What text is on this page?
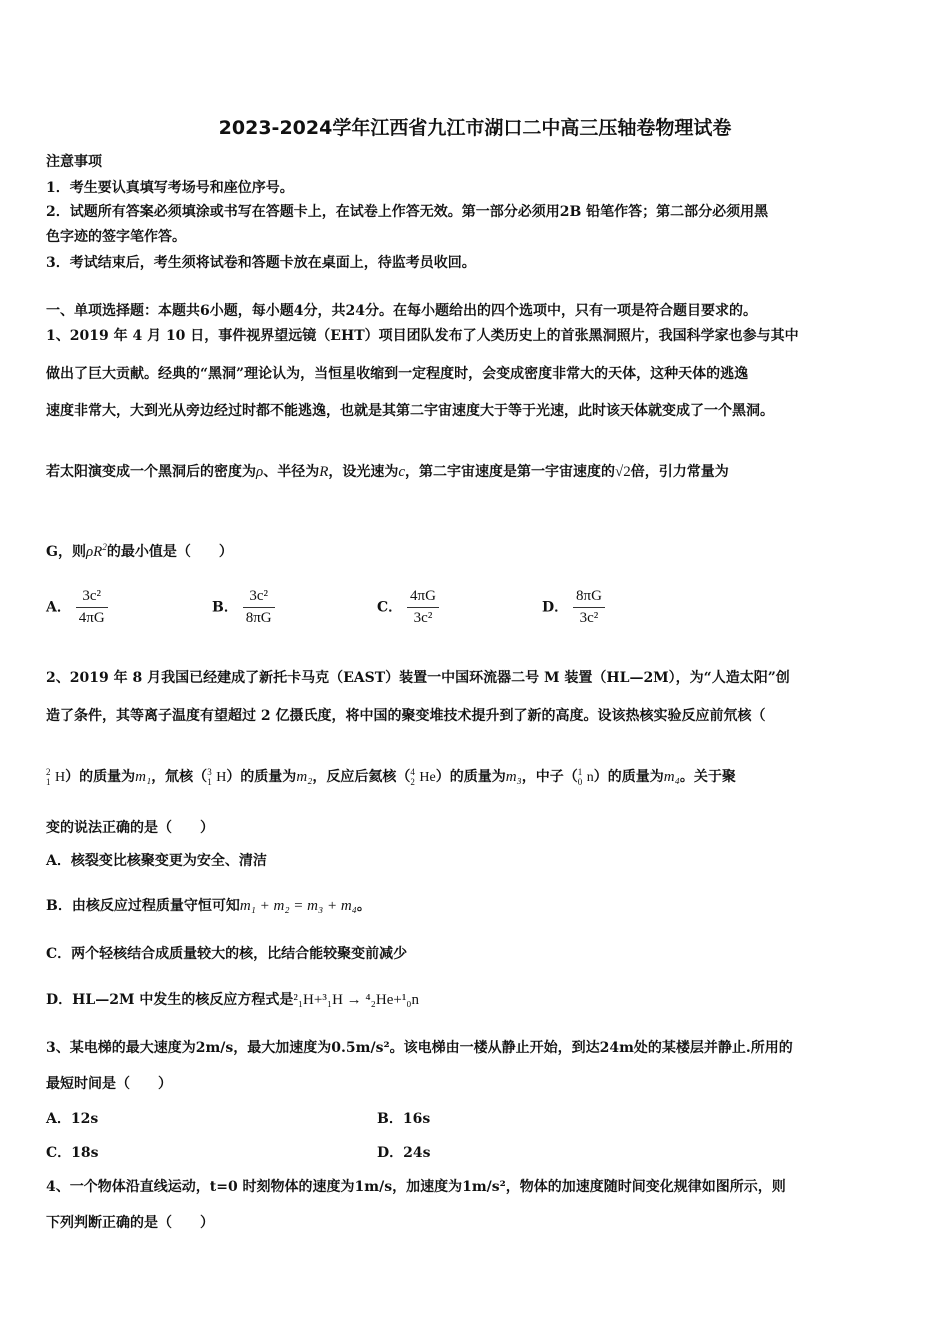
2023-2024学年江西省九江市湖口二中高三压轴卷物理试卷
注意事项
1．考生要认真填写考场号和座位序号。
2．试题所有答案必须填涂或书写在答题卡上，在试卷上作答无效。第一部分必须用2B 铅笔作答；第二部分必须用黑
色字迹的签字笔作答。
3．考试结束后，考生须将试卷和答题卡放在桌面上，待监考员收回。
一、单项选择题：本题共6小题，每小题4分，共24分。在每小题给出的四个选项中，只有一项是符合题目要求的。
1、2019 年 4 月 10 日，事件视界望远镜（EHT）项目团队发布了人类历史上的首张黑洞照片，我国科学家也参与其中
做出了巨大贡献。经典的“黑洞”理论认为，当恒星收缩到一定程度时，会变成密度非常大的天体，这种天体的逃逸
速度非常大，大到光从旁边经过时都不能逃逸，也就是其第二宇宙速度大于等于光速，此时该天体就变成了一个黑洞。
若太阳演变成一个黑洞后的密度为ρ、半径为R，设光速为c，第二宇宙速度是第一宇宙速度的√2倍，引力常量为
G，则$\rho R^2$的最小值是（　　）
A． $\frac{\text{3c²}}{4\pi G}$	B． $\frac{\text{3c²}}{8\pi G}$	C． $\frac{4\pi G}{\text{3c²}}$	D． $\frac{8\pi G}{\text{3c²}}$
2、2019 年 8 月我国已经建成了新托卡马克（EAST）装置一中国环流器二号 M 装置（HL—2M），为“人造太阳”创
造了条件，其等离子温度有望超过 2 亿摄氏度，将中国的聚变堆技术提升到了新的高度。设该热核实验反应前氘核（
2
1 H）的质量为m₁，氚核（ 3
1 H）的质量为m₂，反应后氦核（ 4
2 He）的质量为m₃，中子（ 1
0 n）的质量为m₄。关于聚
变的说法正确的是（　　）
A．核裂变比核聚变更为安全、清洁
B．由核反应过程质量守恒可知m₁ + m₂ = m₃ + m₄。
C．两个轻核结合成质量较大的核，比结合能较聚变前减少
D．HL—2M 中发生的核反应方程式是²₁H+³₁H → ⁴₂He+¹₀n
3、某电梯的最大速度为2m/s，最大加速度为0.5m/s²。该电梯由一楼从静止开始，到达24m处的某楼层并静止.所用的
最短时间是（　　）
A．12s	B．16s
C．18s	D．24s
4、一个物体沿直线运动，t=0 时刻物体的速度为1m/s，加速度为1m/s²，物体的加速度随时间变化规律如图所示，则
下列判断正确的是（　　）
